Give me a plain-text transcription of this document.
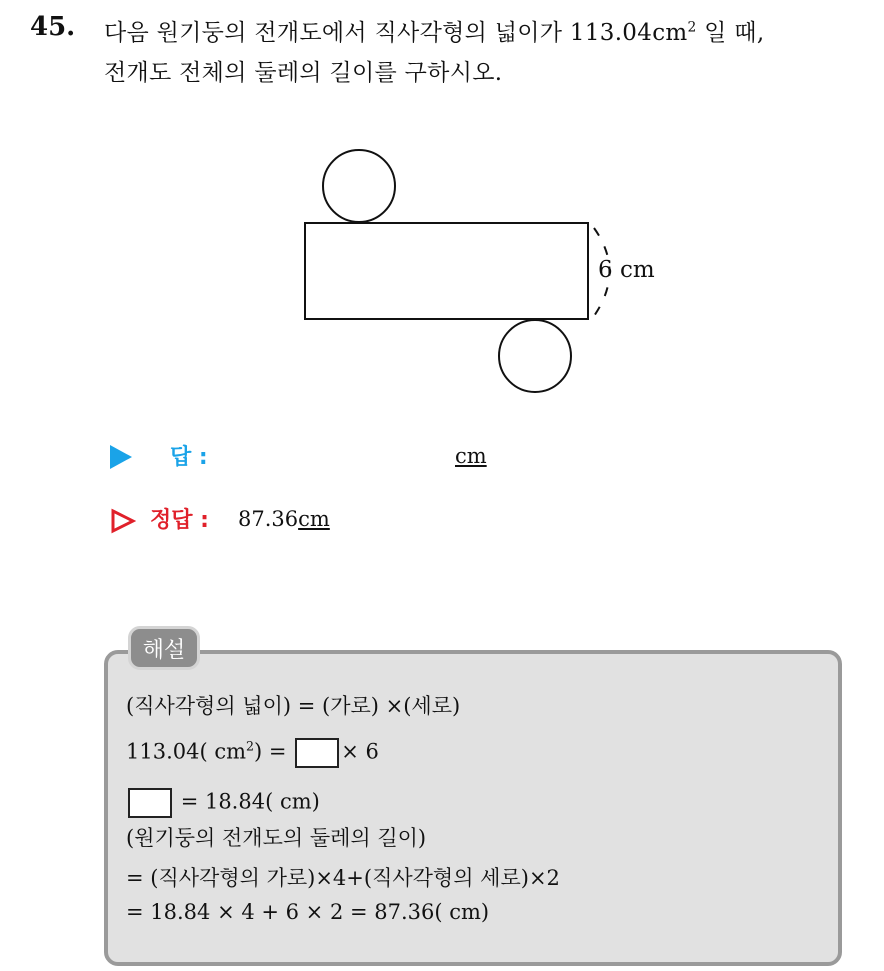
45. 다음 원기둥의 전개도에서 직사각형의 넓이가 $113.04cm^2$ 일 때,
전개도 전체의 둘레의 길이를 구하시오.
6 cm
답 :	cm
정답 : 87.36cm
해설
(직사각형의 넓이) = (가로) ×(세로)
113.04( $cm^2$) = × 6
= 18.84( cm)
(원기둥의 전개도의 둘레의 길이)
= (직사각형의 가로)×4+(직사각형의 세로)×2
= 18.84 × 4 + 6 × 2 = 87.36( cm)
